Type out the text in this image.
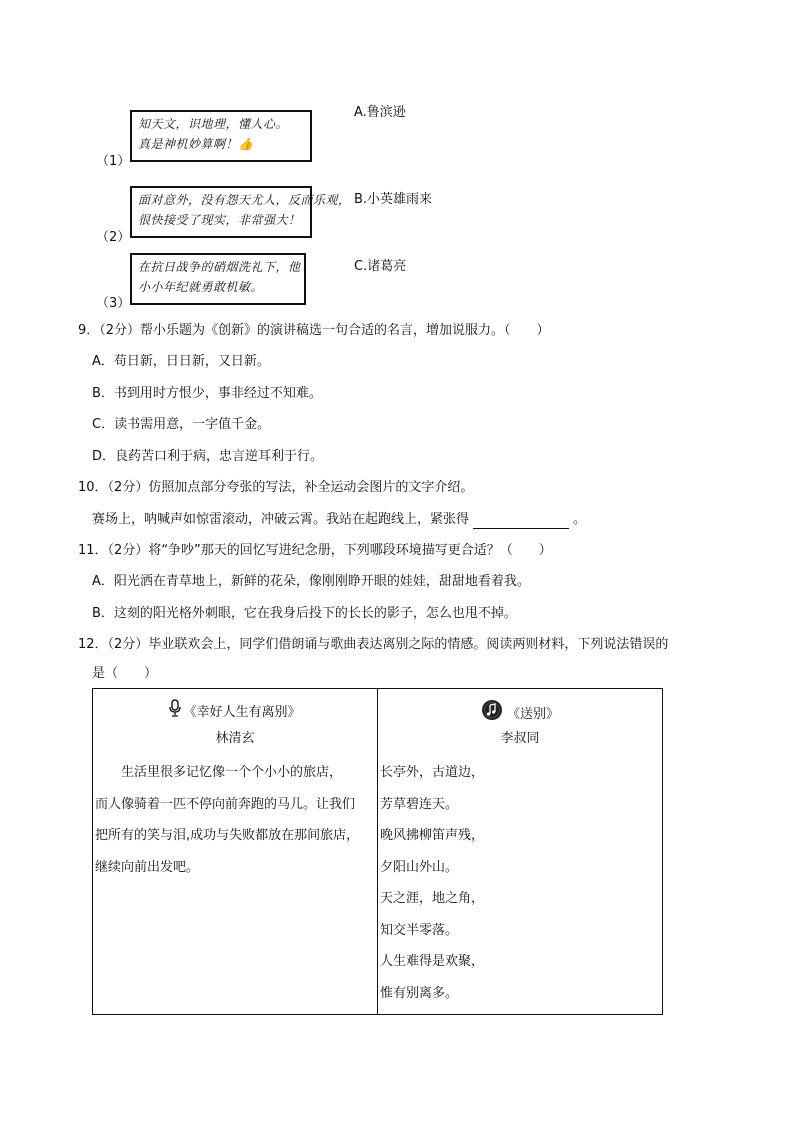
知天文，识地理，懂人心。
真是神机妙算啊！👍
（1）
面对意外，没有怨天尤人，反而乐观，
很快接受了现实，非常强大！
（2）
在抗日战争的硝烟洗礼下，他
小小年纪就勇敢机敏。
（3）
A.鲁滨逊
B.小英雄雨来
C.诸葛亮
9．（2分）帮小乐题为《创新》的演讲稿选一句合适的名言，增加说服力。（　　）
A．苟日新，日日新，又日新。
B．书到用时方恨少，事非经过不知难。
C．读书需用意，一字值千金。
D．良药苦口利于病，忠言逆耳利于行。
10．（2分）仿照加点部分夸张的写法，补全运动会图片的文字介绍。
赛场上，呐喊声如惊雷滚动，冲破云霄。我站在起跑线上，紧张得	。
11．（2分）将“争吵”那天的回忆写进纪念册，下列哪段环境描写更合适？（　　）
A．阳光洒在青草地上，新鲜的花朵，像刚刚睁开眼的娃娃，甜甜地看着我。
B．这刻的阳光格外刺眼，它在我身后投下的长长的影子，怎么也甩不掉。
12．（2分）毕业联欢会上，同学们借朗诵与歌曲表达离别之际的情感。阅读两则材料，下列说法错误的
是（　　）
《幸好人生有离别》
林清玄
生活里很多记忆像一个个小小的旅店，
而人像骑着一匹不停向前奔跑的马儿。让我们
把所有的笑与泪,成功与失败都放在那间旅店，
继续向前出发吧。

《送别》
李叔同
长亭外，古道边，
芳草碧连天。
晚风拂柳笛声残，
夕阳山外山。
天之涯，地之角，
知交半零落。
人生难得是欢聚，
惟有别离多。
